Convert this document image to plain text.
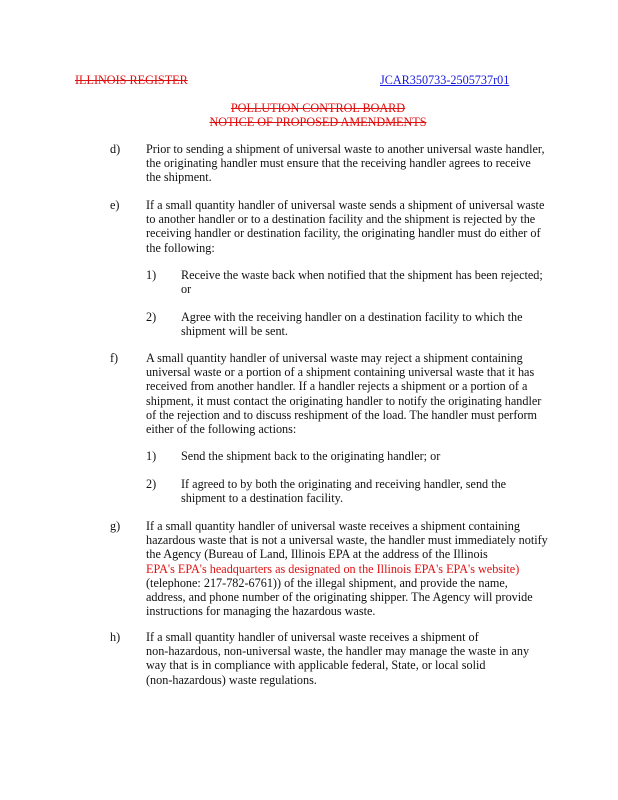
ILLINOIS REGISTER	JCAR350733-2505737r01
POLLUTION CONTROL BOARD
NOTICE OF PROPOSED AMENDMENTS
d) Prior to sending a shipment of universal waste to another universal waste handler,
the originating handler must ensure that the receiving handler agrees to receive
the shipment.
e) If a small quantity handler of universal waste sends a shipment of universal waste
to another handler or to a destination facility and the shipment is rejected by the
receiving handler or destination facility, the originating handler must do either of
the following:
1) Receive the waste back when notified that the shipment has been rejected;
or
2) Agree with the receiving handler on a destination facility to which the
shipment will be sent.
f) A small quantity handler of universal waste may reject a shipment containing
universal waste or a portion of a shipment containing universal waste that it has
received from another handler. If a handler rejects a shipment or a portion of a
shipment, it must contact the originating handler to notify the originating handler
of the rejection and to discuss reshipment of the load. The handler must perform
either of the following actions:
1) Send the shipment back to the originating handler; or
2) If agreed to by both the originating and receiving handler, send the
shipment to a destination facility.
g) If a small quantity handler of universal waste receives a shipment containing
hazardous waste that is not a universal waste, the handler must immediately notify
the Agency (Bureau of Land, Illinois EPA at the address of the Illinois
EPA's EPA's headquarters as designated on the Illinois EPA's EPA's website)
(telephone: 217-782-6761)) of the illegal shipment, and provide the name,
address, and phone number of the originating shipper. The Agency will provide
instructions for managing the hazardous waste.
h) If a small quantity handler of universal waste receives a shipment of
non-hazardous, non-universal waste, the handler may manage the waste in any
way that is in compliance with applicable federal, State, or local solid
(non-hazardous) waste regulations.
